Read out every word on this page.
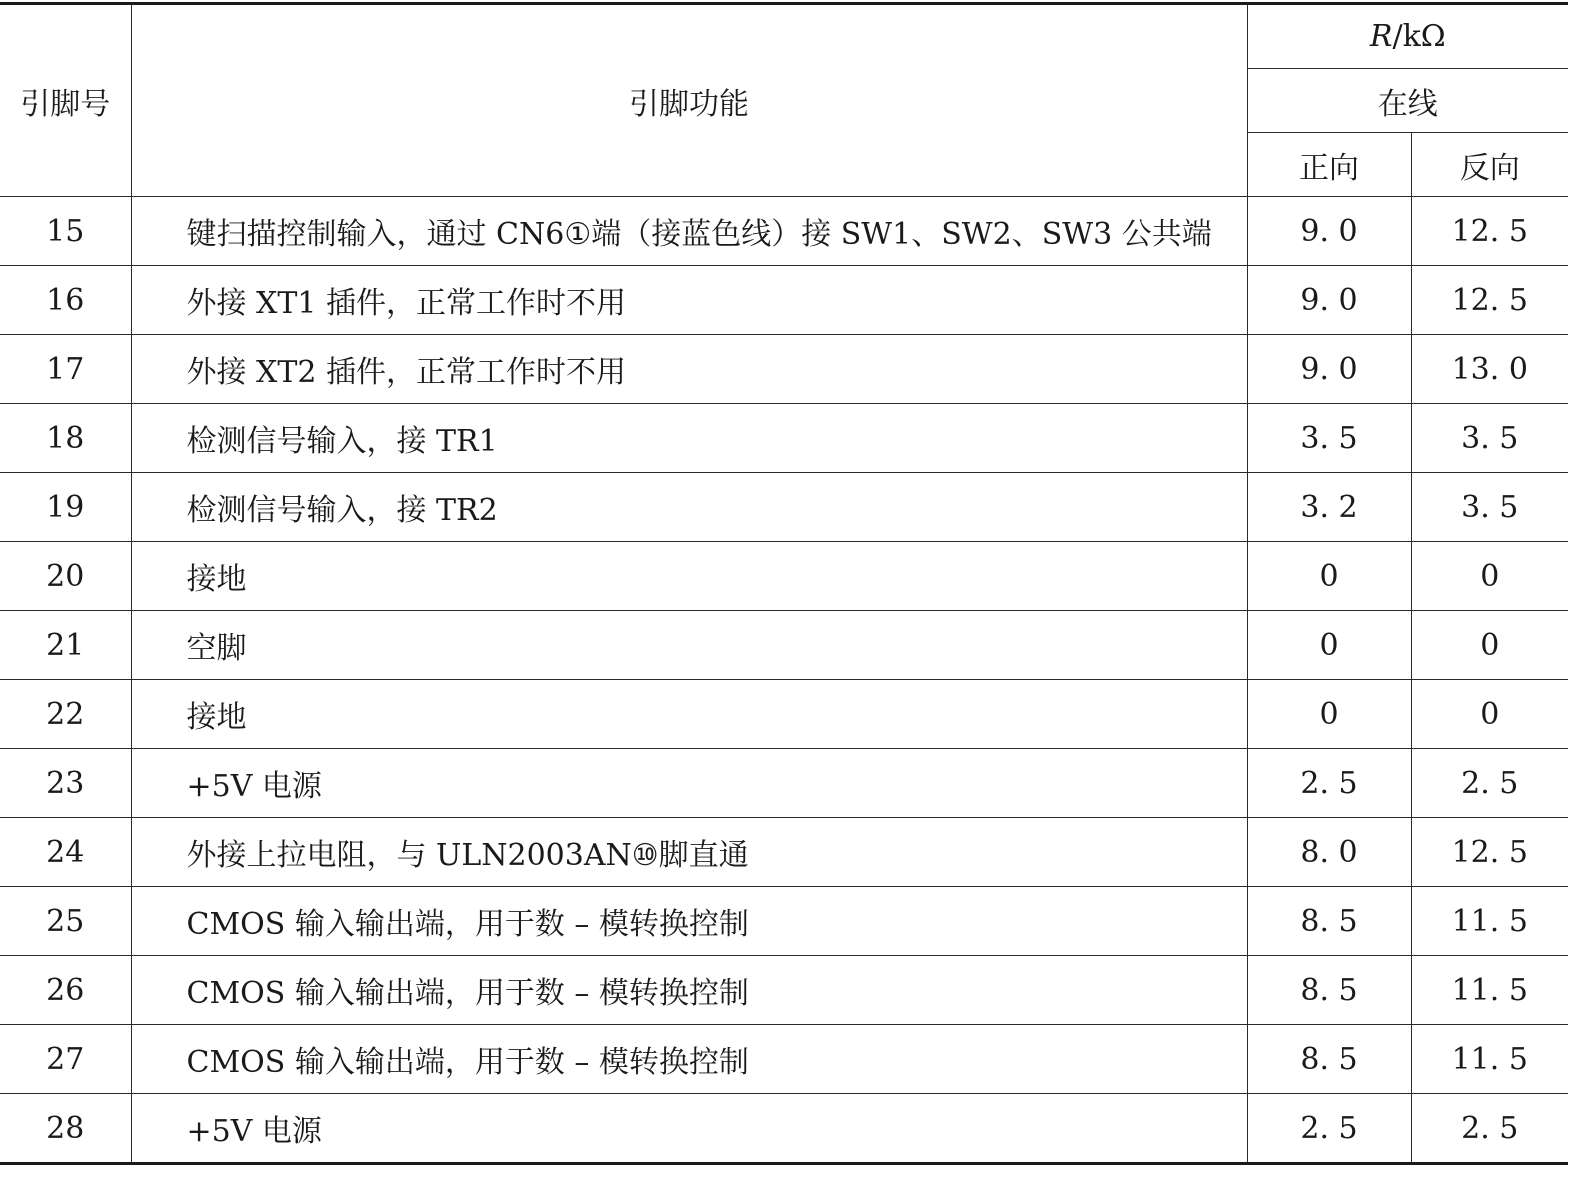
引脚号	引脚功能	R/kΩ	
		在线	
		正向	反向
15	键扫描控制输入，通过 CN6①端（接蓝色线）接 SW1、SW2、SW3 公共端	9. 0	12. 5
16	外接 XT1 插件，正常工作时不用	9. 0	12. 5
17	外接 XT2 插件，正常工作时不用	9. 0	13. 0
18	检测信号输入，接 TR1	3. 5	3. 5
19	检测信号输入，接 TR2	3. 2	3. 5
20	接地	0	0
21	空脚	0	0
22	接地	0	0
23	+5V 电源	2. 5	2. 5
24	外接上拉电阻，与 ULN2003AN⑩脚直通	8. 0	12. 5
25	CMOS 输入输出端，用于数 – 模转换控制	8. 5	11. 5
26	CMOS 输入输出端，用于数 – 模转换控制	8. 5	11. 5
27	CMOS 输入输出端，用于数 – 模转换控制	8. 5	11. 5
28	+5V 电源	2. 5	2. 5
